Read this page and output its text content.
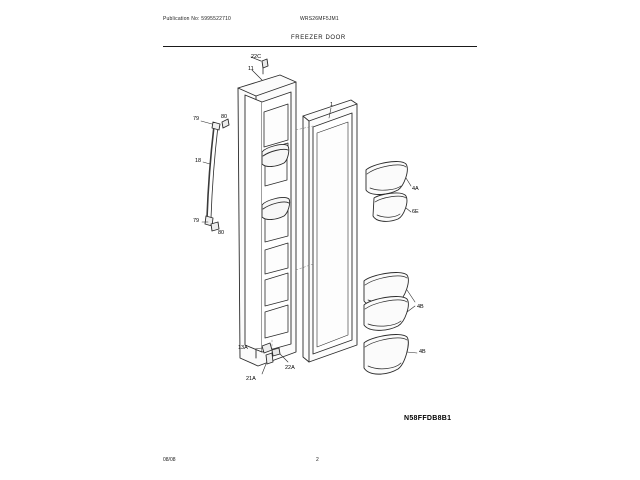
Publication No: 5995522710	WRS26MF5JM1
FREEZER DOOR
22C
11
1
79	80
18
79
80
4A
6E
4B
4B
13A
22A
21A
N58FFDB8B1
08/08	2
